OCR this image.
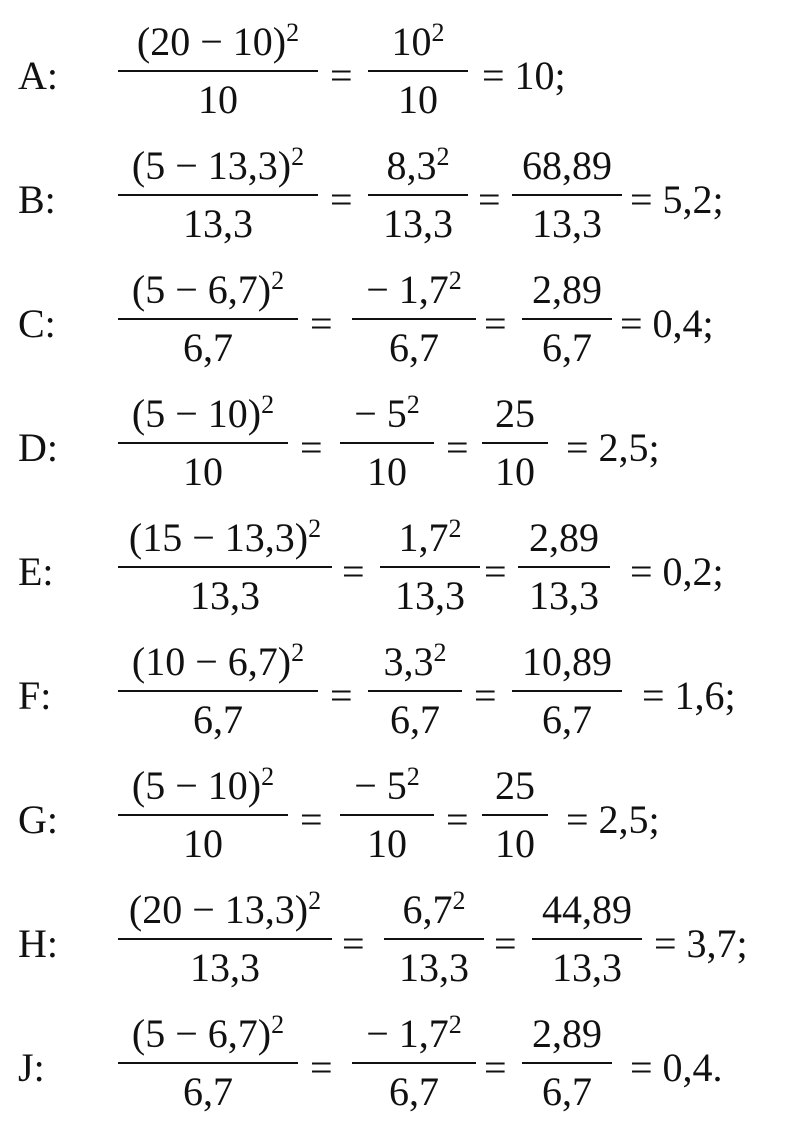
A:
$(20 - 10)^2$
10
=
$10^2$
10
= 10;
B:
$(5 - 13,3)^2$
13,3
=
$8,3^2$
13,3
=
68,89
13,3
= 5,2;
C:
$(5 - 6,7)^2$
6,7
=
− $1,7^2$
6,7
=
2,89
6,7
= 0,4;
D:
$(5 - 10)^2$
10
=
− $5^2$
10
=
25
10
= 2,5;
E:
$(15 - 13,3)^2$
13,3
=
$1,7^2$
13,3
=
2,89
13,3
= 0,2;
F:
$(10 - 6,7)^2$
6,7
=
$3,3^2$
6,7
=
10,89
6,7
= 1,6;
G:
$(5 - 10)^2$
10
=
− $5^2$
10
=
25
10
= 2,5;
H:
$(20 - 13,3)^2$
13,3
=
$6,7^2$
13,3
=
44,89
13,3
= 3,7;
J:
$(5 - 6,7)^2$
6,7
=
− $1,7^2$
6,7
=
2,89
6,7
= 0,4.
